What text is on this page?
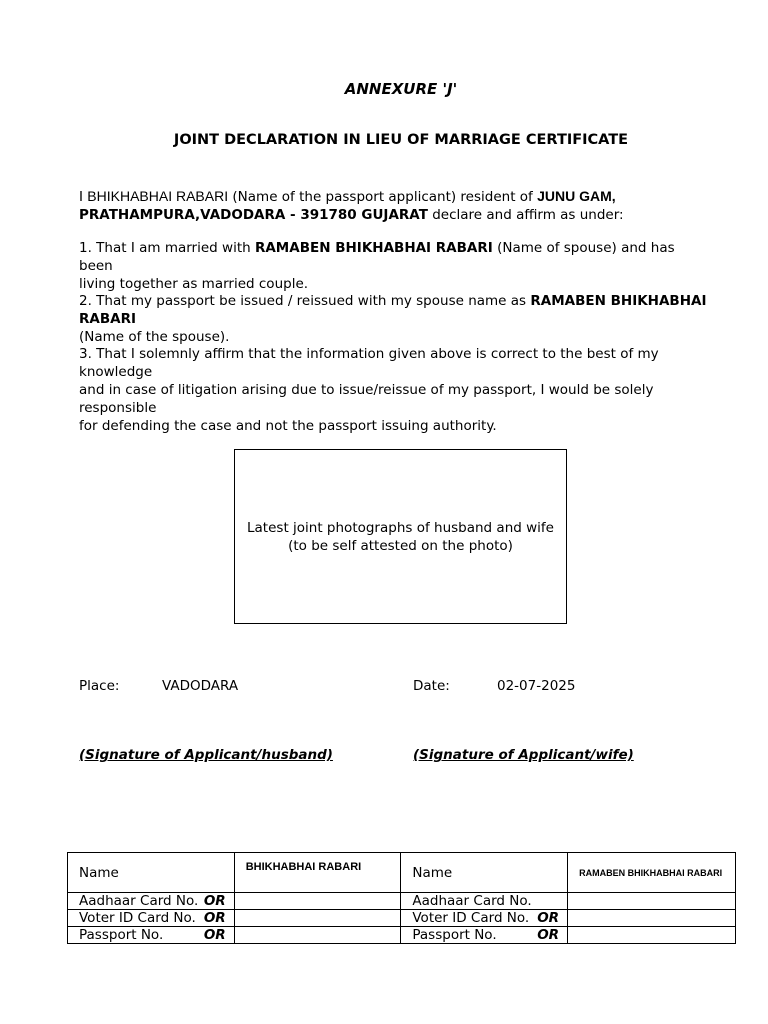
ANNEXURE 'J'
JOINT DECLARATION IN LIEU OF MARRIAGE CERTIFICATE
I BHIKHABHAI RABARI (Name of the passport applicant) resident of JUNU GAM,
PRATHAMPURA,VADODARA - 391780 GUJARAT declare and affirm as under:
1. That I am married with RAMABEN BHIKHABHAI RABARI (Name of spouse) and has been
living together as married couple.
2. That my passport be issued / reissued with my spouse name as RAMABEN BHIKHABHAI
RABARI
(Name of the spouse).
3. That I solemnly affirm that the information given above is correct to the best of my knowledge
and in case of litigation arising due to issue/reissue of my passport, I would be solely responsible
for defending the case and not the passport issuing authority.
Latest joint photographs of husband and wife
(to be self attested on the photo)
Place:	VADODARA	Date:	02-07-2025
(Signature of Applicant/husband)	(Signature of Applicant/wife)
Name	BHIKHABHAI RABARI	Name	RAMABEN BHIKHABHAI RABARI
Aadhaar Card No. OR		Aadhaar Card No.	
Voter ID Card No. OR		Voter ID Card No. OR	

Passport No. OR		Passport No. OR	
